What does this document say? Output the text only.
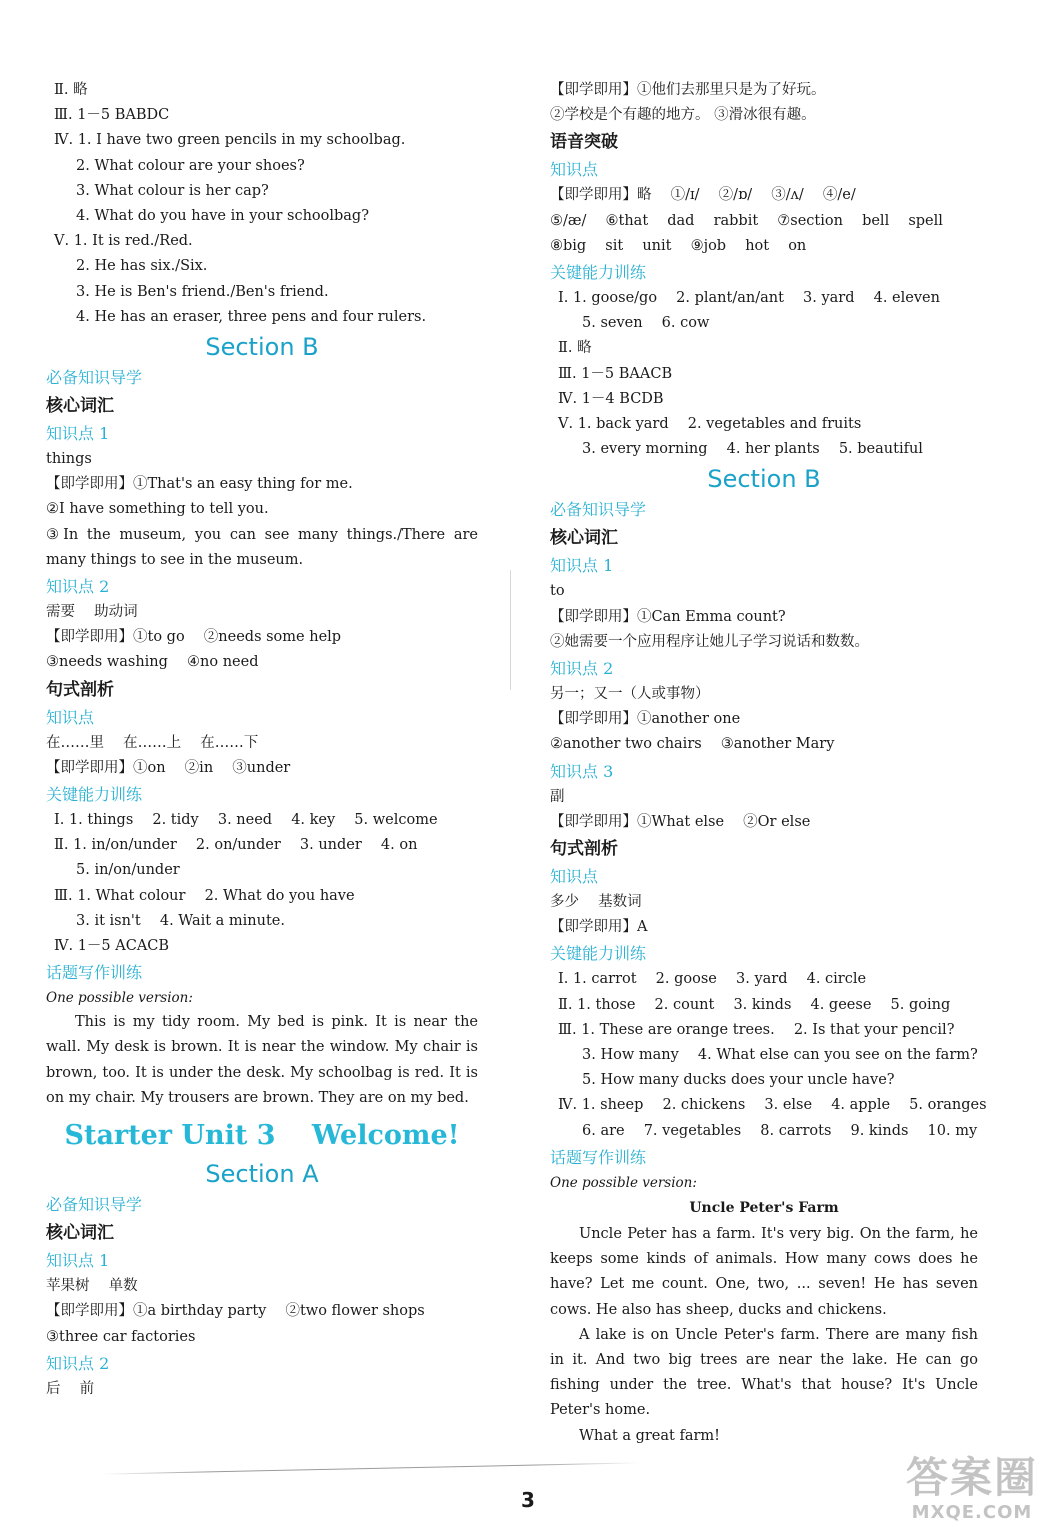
Ⅱ. 略
Ⅲ. 1－5 BABDC
Ⅳ. 1. I have two green pencils in my schoolbag.
2. What colour are your shoes?
3. What colour is her cap?
4. What do you have in your schoolbag?
Ⅴ. 1. It is red./Red.
2. He has six./Six.
3. He is Ben's friend./Ben's friend.
4. He has an eraser, three pens and four rulers.
Section B
必备知识导学
核心词汇
知识点 1
things
【即学即用】①That's an easy thing for me.
②I have something to tell you.
③In the museum, you can see many things./There are many things to see in the museum.
知识点 2
需要 　助动词
【即学即用】①to go 　②needs some help
③needs washing 　④no need
句式剖析
知识点
在……里 　在……上 　在……下
【即学即用】①on 　②in 　③under
关键能力训练
Ⅰ. 1. things 　2. tidy 　3. need 　4. key 　5. welcome
Ⅱ. 1. in/on/under 　2. on/under 　3. under 　4. on
5. in/on/under
Ⅲ. 1. What colour 　2. What do you have
3. it isn't 　4. Wait a minute.
Ⅳ. 1－5 ACACB
话题写作训练
One possible version:
This is my tidy room. My bed is pink. It is near the wall. My desk is brown. It is near the window. My chair is brown, too. It is under the desk. My schoolbag is red. It is on my chair. My trousers are brown. They are on my bed.
Starter Unit 3 　Welcome!
Section A
必备知识导学
核心词汇
知识点 1
苹果树 　单数
【即学即用】①a birthday party 　②two flower shops
③three car factories
知识点 2
后 　前
【即学即用】①他们去那里只是为了好玩。
②学校是个有趣的地方。 ③滑冰很有趣。
语音突破
知识点
【即学即用】略 　①/ɪ/ 　②/ɒ/ 　③/ʌ/ 　④/e/
⑤/æ/ 　⑥that 　dad 　rabbit 　⑦section 　bell 　spell
⑧big 　sit 　unit 　⑨job 　hot 　on
关键能力训练
Ⅰ. 1. goose/go 　2. plant/an/ant 　3. yard 　4. eleven
5. seven 　6. cow
Ⅱ. 略
Ⅲ. 1－5 BAACB
Ⅳ. 1－4 BCDB
Ⅴ. 1. back yard 　2. vegetables and fruits
3. every morning 　4. her plants 　5. beautiful
Section B
必备知识导学
核心词汇
知识点 1
to
【即学即用】①Can Emma count?
②她需要一个应用程序让她儿子学习说话和数数。
知识点 2
另一；又一（人或事物）
【即学即用】①another one
②another two chairs 　③another Mary
知识点 3
副
【即学即用】①What else 　②Or else
句式剖析
知识点
多少 　基数词
【即学即用】A
关键能力训练
Ⅰ. 1. carrot 　2. goose 　3. yard 　4. circle
Ⅱ. 1. those 　2. count 　3. kinds 　4. geese 　5. going
Ⅲ. 1. These are orange trees. 　2. Is that your pencil?
3. How many 　4. What else can you see on the farm?
5. How many ducks does your uncle have?
Ⅳ. 1. sheep 　2. chickens 　3. else 　4. apple 　5. oranges
6. are 　7. vegetables 　8. carrots 　9. kinds 　10. my
话题写作训练
One possible version:
Uncle Peter's Farm
Uncle Peter has a farm. It's very big. On the farm, he keeps some kinds of animals. How many cows does he have? Let me count. One, two, ... seven! He has seven cows. He also has sheep, ducks and chickens.
A lake is on Uncle Peter's farm. There are many fish in it. And two big trees are near the lake. He can go fishing under the tree. What's that house? It's Uncle Peter's home.
What a great farm!
3	答案圈
MXQE.COM
